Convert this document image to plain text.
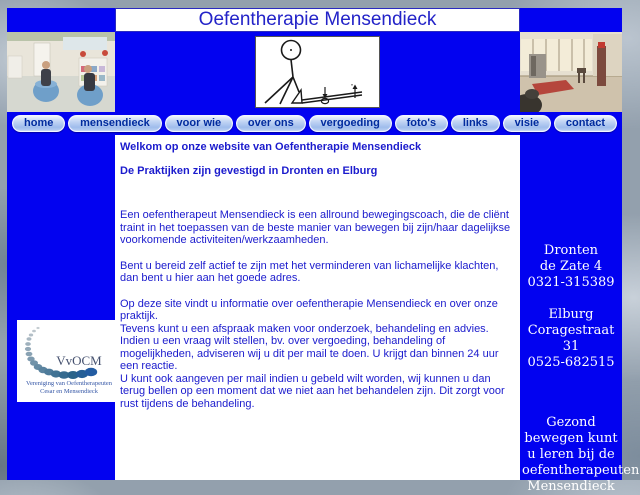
Oefentherapie Mensendieck
home	mensendieck	voor wie	over ons	vergoeding	foto's	links	visie	contact
VvOCM
Vereniging van Oefentherapeuten
Cesar en Mensendieck

Welkom op onze website van Oefentherapie Mensendieck

De Praktijken zijn gevestigd in Dronten en Elburg

Een oefentherapeut Mensendieck is een allround bewegingscoach, die de cliënt traint in het toepassen van de beste manier van bewegen bij zijn/haar dagelijkse voorkomende activiteiten/werkzaamheden.

Bent u bereid zelf actief te zijn met het verminderen van lichamelijke klachten, dan bent u hier aan het goede adres.

Op deze site vindt u informatie over oefentherapie Mensendieck en over onze praktijk.

Tevens kunt u een afspraak maken voor onderzoek, behandeling en advies.

Indien u een vraag wilt stellen, bv. over vergoeding, behandeling of mogelijkheden, adviseren wij u dit per mail te doen. U krijgt dan binnen 24 uur een reactie.

U kunt ook aangeven per mail indien u gebeld wilt worden, wij kunnen u dan terug bellen op een moment dat we niet aan het behandelen zijn. Dit zorgt voor rust tijdens de behandeling.

Dronten
de Zate 4
0321-315389
Elburg
Coragestraat 31
0525-682515
Gezond bewegen kunt u leren bij de oefentherapeuten Mensendieck
